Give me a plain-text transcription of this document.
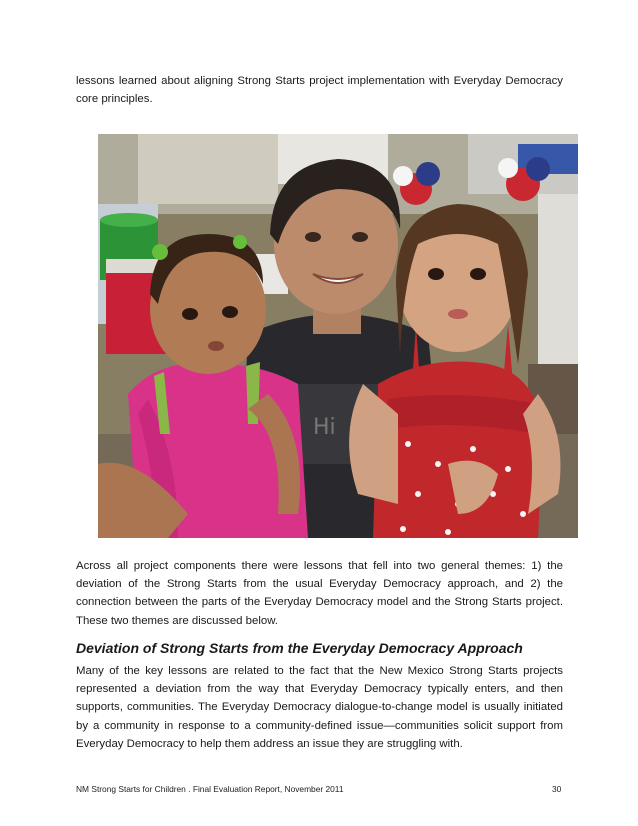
lessons learned about aligning Strong Starts project implementation with Everyday Democracy core principles.

Hi

Across all project components there were lessons that fell into two general themes: 1) the deviation of the Strong Starts from the usual Everyday Democracy approach, and 2) the connection between the parts of the Everyday Democracy model and the Strong Starts project. These two themes are discussed below.

Deviation of Strong Starts from the Everyday Democracy Approach

Many of the key lessons are related to the fact that the New Mexico Strong Starts projects represented a deviation from the way that Everyday Democracy typically enters, and then supports, communities. The Everyday Democracy dialogue-to-change model is usually initiated by a community in response to a community-defined issue—communities solicit support from Everyday Democracy to help them address an issue they are struggling with.

NM Strong Starts for Children . Final Evaluation Report, November 2011	30
